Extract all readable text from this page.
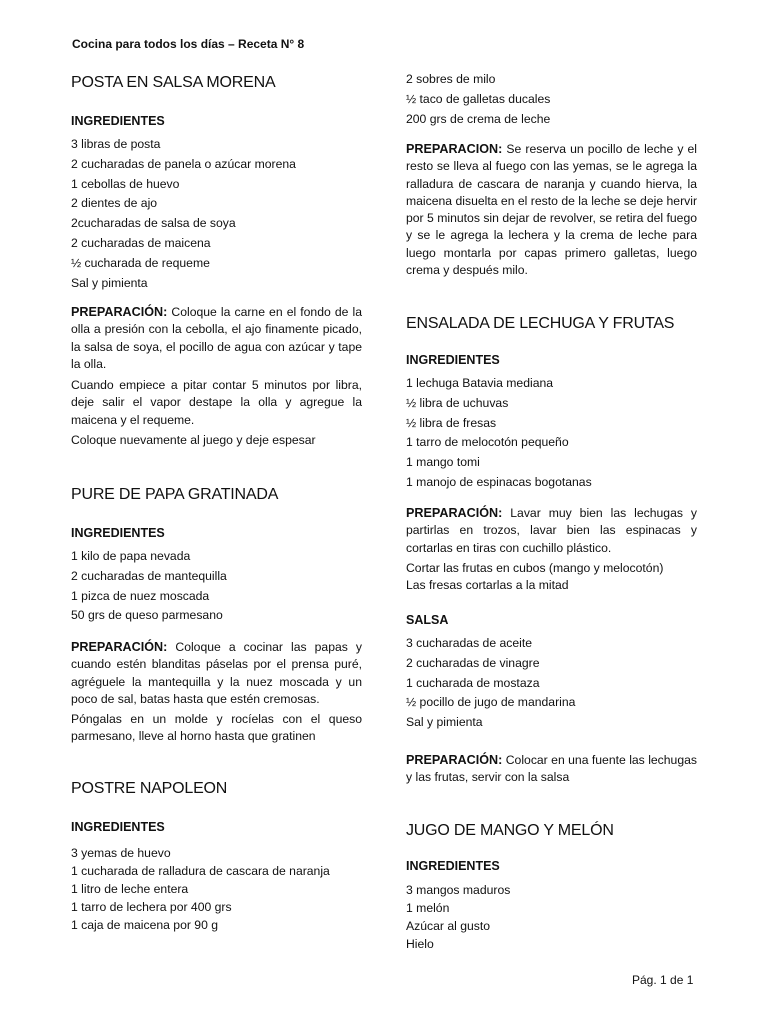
Cocina para todos los días – Receta N° 8
POSTA EN SALSA MORENA
INGREDIENTES
3 libras de posta
2 cucharadas de panela o azúcar morena
1 cebollas de huevo
2 dientes de ajo
2cucharadas de salsa de soya
2 cucharadas de maicena
½ cucharada de requeme
Sal y pimienta
PREPARACIÓN: Coloque la carne en el fondo de la olla a presión con la cebolla, el ajo finamente picado, la salsa de soya, el pocillo de agua con azúcar y tape la olla.
Cuando empiece a pitar contar 5 minutos por libra, deje salir el vapor destape la olla y agregue la maicena y el requeme.
Coloque nuevamente al juego y deje espesar
PURE DE PAPA GRATINADA
INGREDIENTES
1 kilo de papa nevada
2 cucharadas de mantequilla
1 pizca de nuez moscada
50 grs de queso parmesano
PREPARACIÓN: Coloque a cocinar las papas y cuando estén blanditas páselas por el prensa puré, agréguele la mantequilla y la nuez moscada y un poco de sal, batas hasta que estén cremosas.
Póngalas en un molde y rocíelas con el queso parmesano, lleve al horno hasta que gratinen
POSTRE NAPOLEON
INGREDIENTES
3 yemas de huevo
1 cucharada de ralladura de cascara de naranja
1 litro de leche entera
1 tarro de lechera por 400 grs
1 caja de maicena por 90 g
2 sobres de milo
½ taco de galletas ducales
200 grs de crema de leche
PREPARACION: Se reserva un pocillo de leche y el resto se lleva al fuego con las yemas, se le agrega la ralladura de cascara de naranja y cuando hierva, la maicena disuelta en el resto de la leche se deje hervir por 5 minutos sin dejar de revolver, se retira del fuego y se le agrega la lechera y la crema de leche para luego montarla por capas primero galletas, luego crema y después milo.
ENSALADA DE LECHUGA Y FRUTAS
INGREDIENTES
1 lechuga Batavia mediana
½ libra de uchuvas
½ libra de fresas
1 tarro de melocotón pequeño
1 mango tomi
1 manojo de espinacas bogotanas
PREPARACIÓN: Lavar muy bien las lechugas y partirlas en trozos, lavar bien las espinacas y cortarlas en tiras con cuchillo plástico.
Cortar las frutas en cubos (mango y melocotón)
Las fresas cortarlas a la mitad
SALSA
3 cucharadas de aceite
2 cucharadas de vinagre
1 cucharada de mostaza
½ pocillo de jugo de mandarina
Sal y pimienta
PREPARACIÓN: Colocar en una fuente las lechugas y las frutas, servir con la salsa
JUGO DE MANGO Y MELÓN
INGREDIENTES
3 mangos maduros
1 melón
Azúcar al gusto
Hielo
Pág. 1 de 1
